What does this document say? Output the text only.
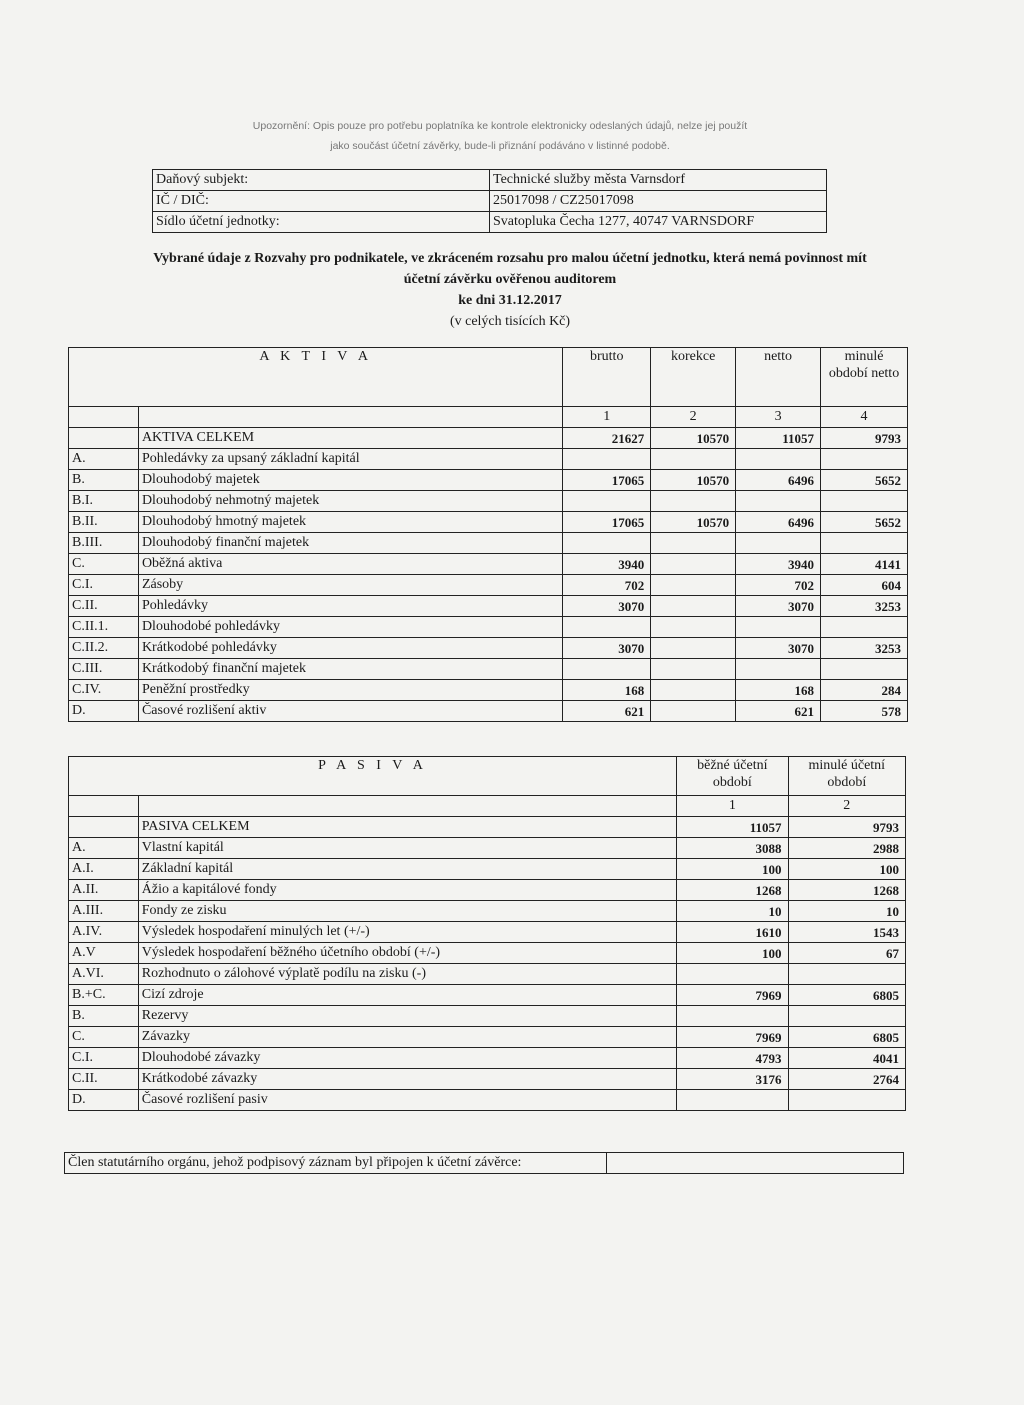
Upozornění: Opis pouze pro potřebu poplatníka ke kontrole elektronicky odeslaných údajů, nelze jej použít
jako součást účetní závěrky, bude-li přiznání podáváno v listinné podobě.
Daňový subjekt:	Technické služby města Varnsdorf
IČ / DIČ:	25017098 / CZ25017098
Sídlo účetní jednotky:	Svatopluka Čecha 1277, 40747 VARNSDORF
Vybrané údaje z Rozvahy pro podnikatele, ve zkráceném rozsahu pro malou účetní jednotku, která nemá povinnost mít
účetní závěrku ověřenou auditorem
ke dni 31.12.2017
(v celých tisících Kč)
A K T I V A		brutto	korekce	netto	minulé období netto
		1	2	3	4
	AKTIVA CELKEM	21627	10570	11057	9793
A.	Pohledávky za upsaný základní kapitál				
B.	Dlouhodobý majetek	17065	10570	6496	5652
B.I.	Dlouhodobý nehmotný majetek				
B.II.	Dlouhodobý hmotný majetek	17065	10570	6496	5652
B.III.	Dlouhodobý finanční majetek				
C.	Oběžná aktiva	3940		3940	4141
C.I.	Zásoby	702		702	604
C.II.	Pohledávky	3070		3070	3253
C.II.1.	Dlouhodobé pohledávky				
C.II.2.	Krátkodobé pohledávky	3070		3070	3253
C.III.	Krátkodobý finanční majetek				
C.IV.	Peněžní prostředky	168		168	284
D.	Časové rozlišení aktiv	621		621	578
P A S I V A		běžné účetní období	minulé účetní období
		1	2
	PASIVA CELKEM	11057	9793
A.	Vlastní kapitál	3088	2988
A.I.	Základní kapitál	100	100
A.II.	Ážio a kapitálové fondy	1268	1268
A.III.	Fondy ze zisku	10	10
A.IV.	Výsledek hospodaření minulých let (+/-)	1610	1543
A.V	Výsledek hospodaření běžného účetního období (+/-)	100	67
A.VI.	Rozhodnuto o zálohové výplatě podílu na zisku (-)		
B.+C.	Cizí zdroje	7969	6805
B.	Rezervy		
C.	Závazky	7969	6805
C.I.	Dlouhodobé závazky	4793	4041
C.II.	Krátkodobé závazky	3176	2764
D.	Časové rozlišení pasiv		
Člen statutárního orgánu, jehož podpisový záznam byl připojen k účetní závěrce:	
